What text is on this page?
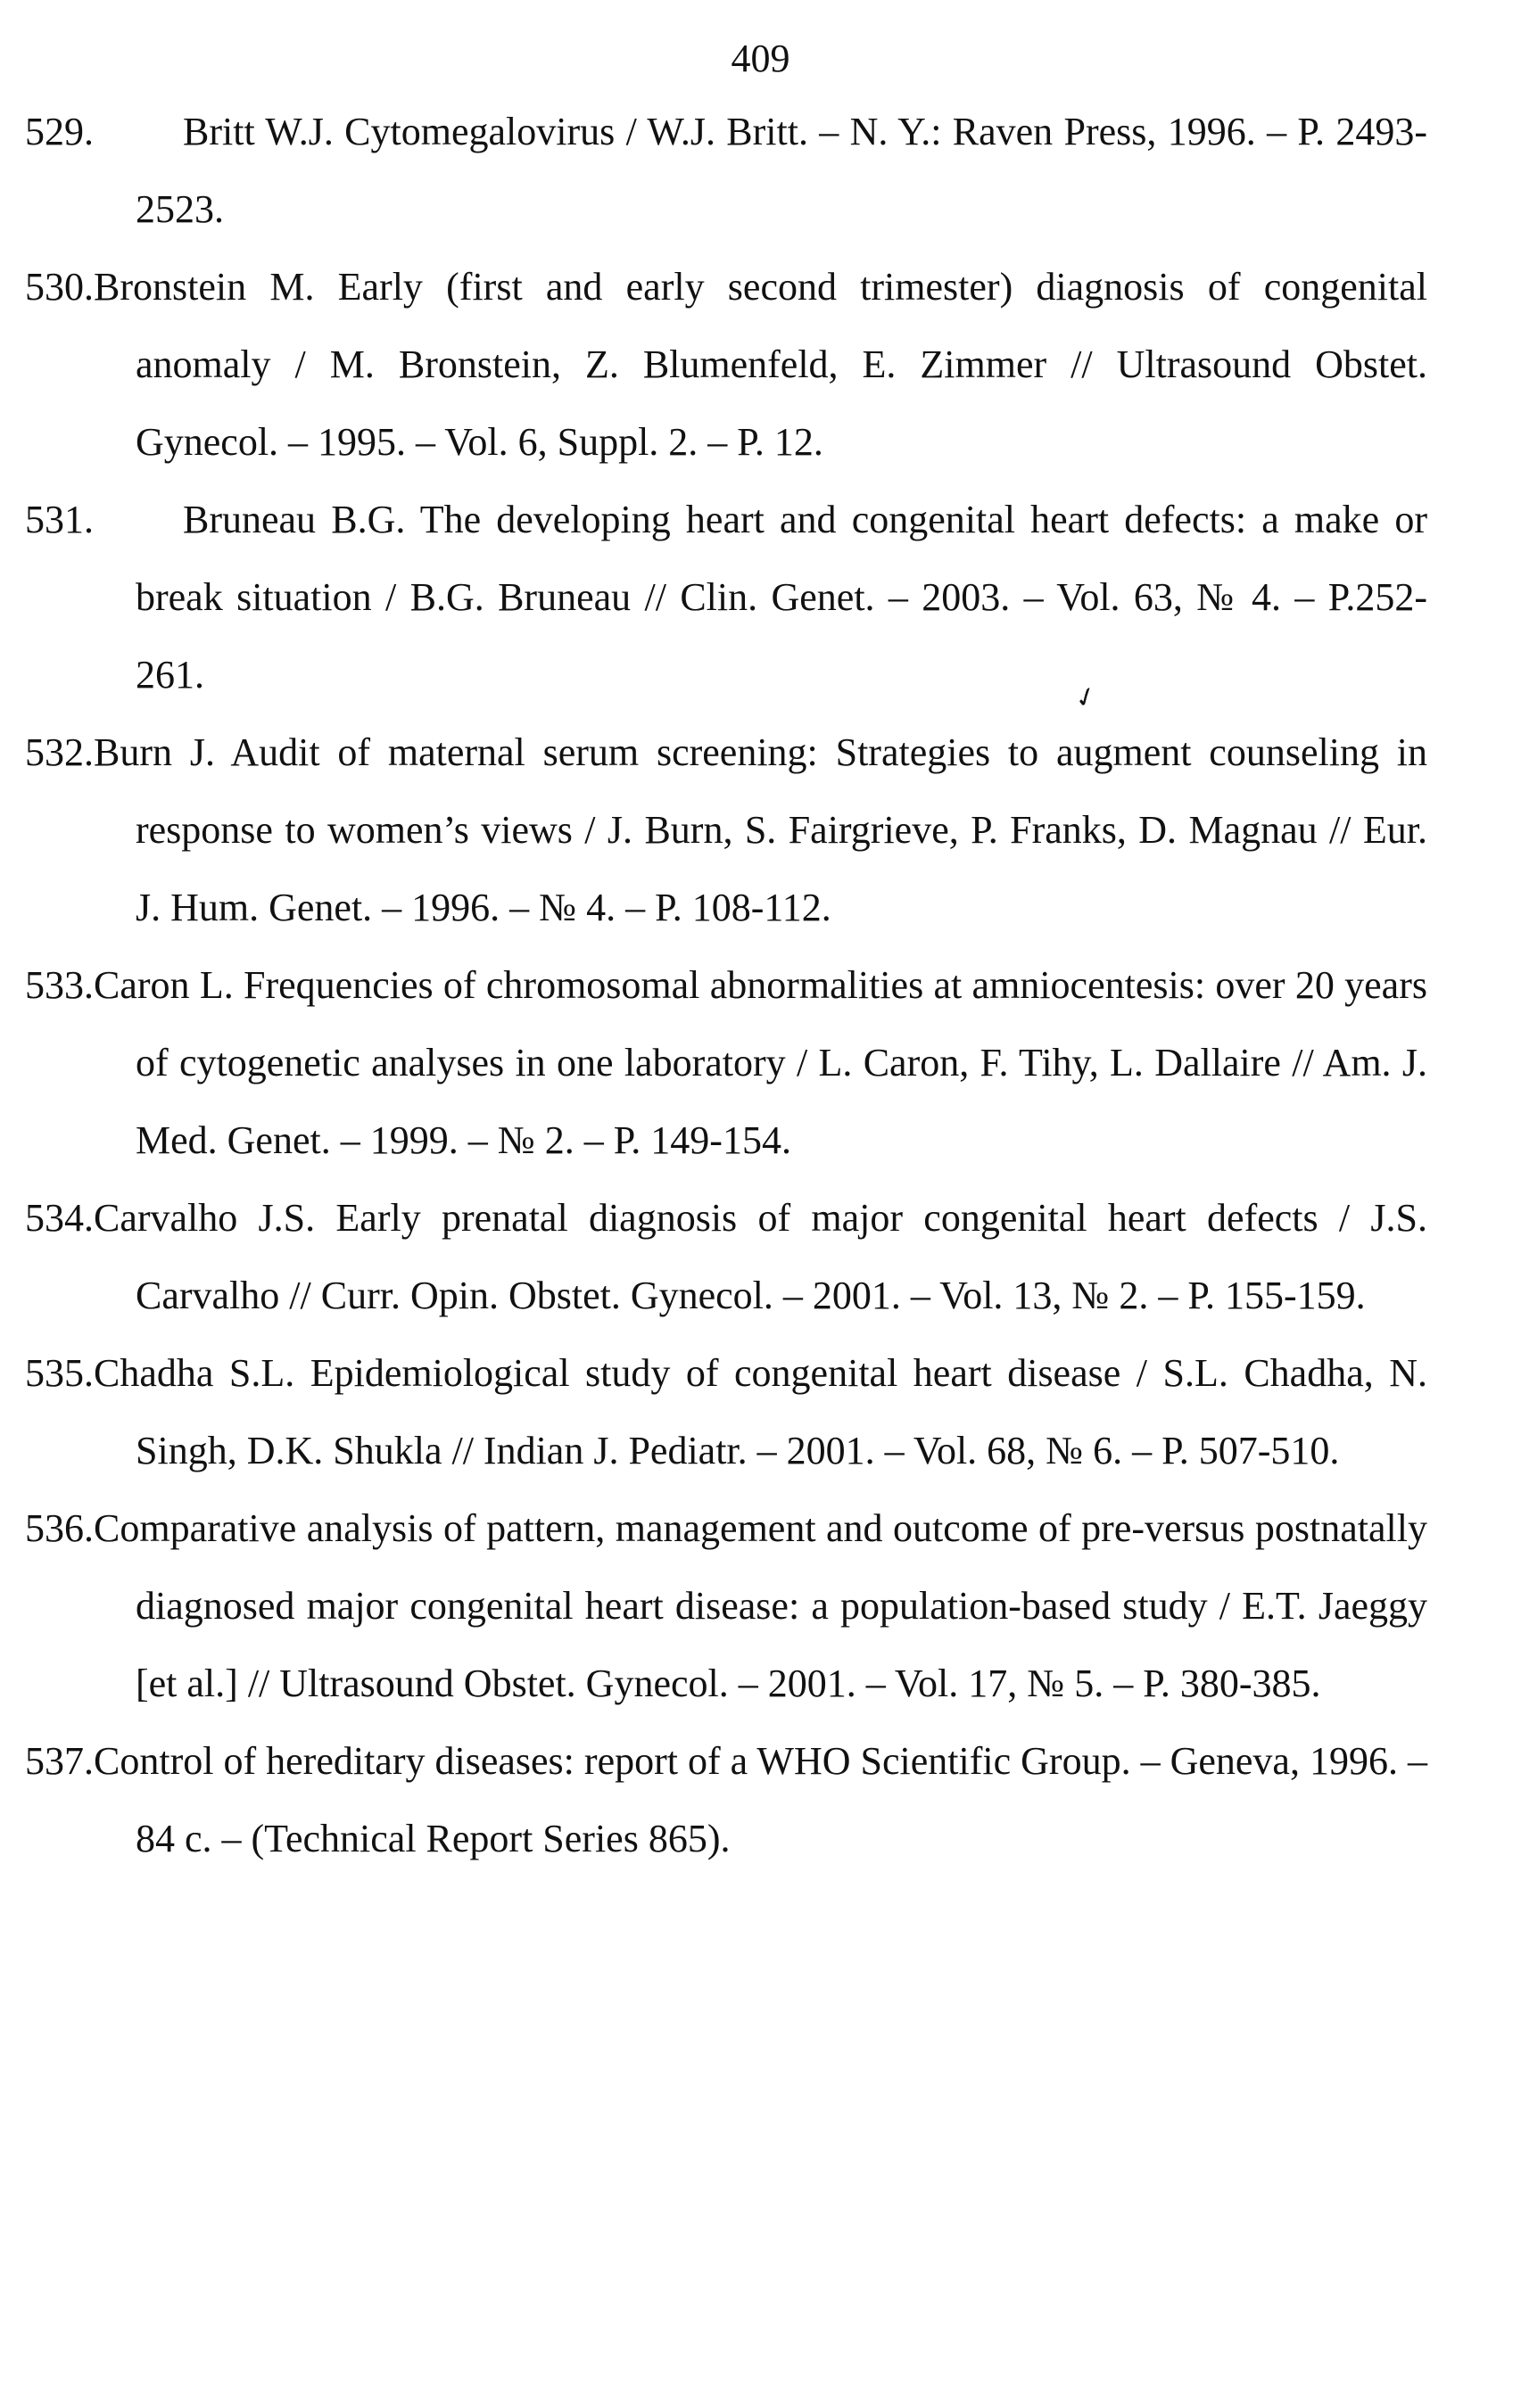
409
✓

529. Britt W.J. Cytomegalovirus / W.J. Britt. – N. Y.: Raven Press, 1996. – P. 2493-2523.

530.Bronstein M. Early (first and early second trimester) diagnosis of congenital anomaly / M. Bronstein, Z. Blumenfeld, E. Zimmer // Ultrasound Obstet. Gynecol. – 1995. – Vol. 6, Suppl. 2. – P. 12.

531. Bruneau B.G. The developing heart and congenital heart defects: a make or break situation / B.G. Bruneau // Clin. Genet. – 2003. – Vol. 63, № 4. – P.252-261.

532.Burn J. Audit of maternal serum screening: Strategies to augment counseling in response to women’s views / J. Burn, S. Fairgrieve, P. Franks, D. Magnau // Eur. J. Hum. Genet. – 1996. – № 4. – P. 108-112.

533.Caron L. Frequencies of chromosomal abnormalities at amniocentesis: over 20 years of cytogenetic analyses in one laboratory / L. Caron, F. Tihy, L. Dallaire // Am. J. Med. Genet. – 1999. – № 2. – P. 149-154.

534.Carvalho J.S. Early prenatal diagnosis of major congenital heart defects / J.S. Carvalho // Curr. Opin. Obstet. Gynecol. – 2001. – Vol. 13, № 2. – P. 155-159.

535.Chadha S.L. Epidemiological study of congenital heart disease / S.L. Chadha, N. Singh, D.K. Shukla // Indian J. Pediatr. – 2001. – Vol. 68, № 6. – P. 507-510.

536.Comparative analysis of pattern, management and outcome of pre-versus postnatally diagnosed major congenital heart disease: a population-based study / E.T. Jaeggy [et al.] // Ultrasound Obstet. Gynecol. – 2001. – Vol. 17, № 5. – P. 380-385.

537.Control of hereditary diseases: report of a WHO Scientific Group. – Geneva, 1996. – 84 c. – (Technical Report Series 865).
